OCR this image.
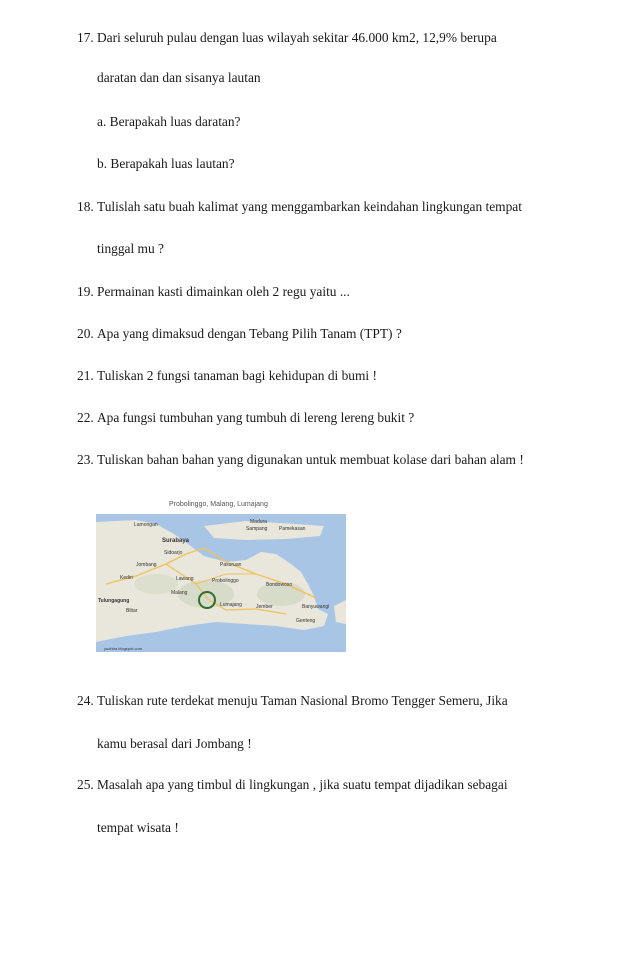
17. Dari seluruh pulau dengan luas wilayah sekitar 46.000 km2, 12,9% berupa
daratan dan dan sisanya lautan
a. Berapakah luas daratan?
b. Berapakah luas lautan?
18. Tulislah satu buah kalimat yang menggambarkan keindahan lingkungan tempat
tinggal mu ?
19. Permainan kasti dimainkan oleh 2 regu yaitu ...
20. Apa yang dimaksud dengan Tebang Pilih Tanam (TPT) ?
21. Tuliskan 2 fungsi tanaman bagi kehidupan di bumi !
22. Apa fungsi tumbuhan yang tumbuh di lereng lereng bukit ?
23. Tuliskan bahan bahan yang digunakan untuk membuat kolase dari bahan alam !
Probolinggo, Malang, Lumajang
Madura
Lamongan
Sampang Pamekasan
Surabaya
Sidoarjo
Jombang	Pasuruan
Kediri	Lawang	Probolinggo
Bondowoso
Malang
Tulungagung
Lumajang	Jember	Banyuwangi
Blitar
Genteng
yudhira.blogspot.com
24. Tuliskan rute terdekat menuju Taman Nasional Bromo Tengger Semeru, Jika
kamu berasal dari Jombang !
25. Masalah apa yang timbul di lingkungan , jika suatu tempat dijadikan sebagai
tempat wisata !
